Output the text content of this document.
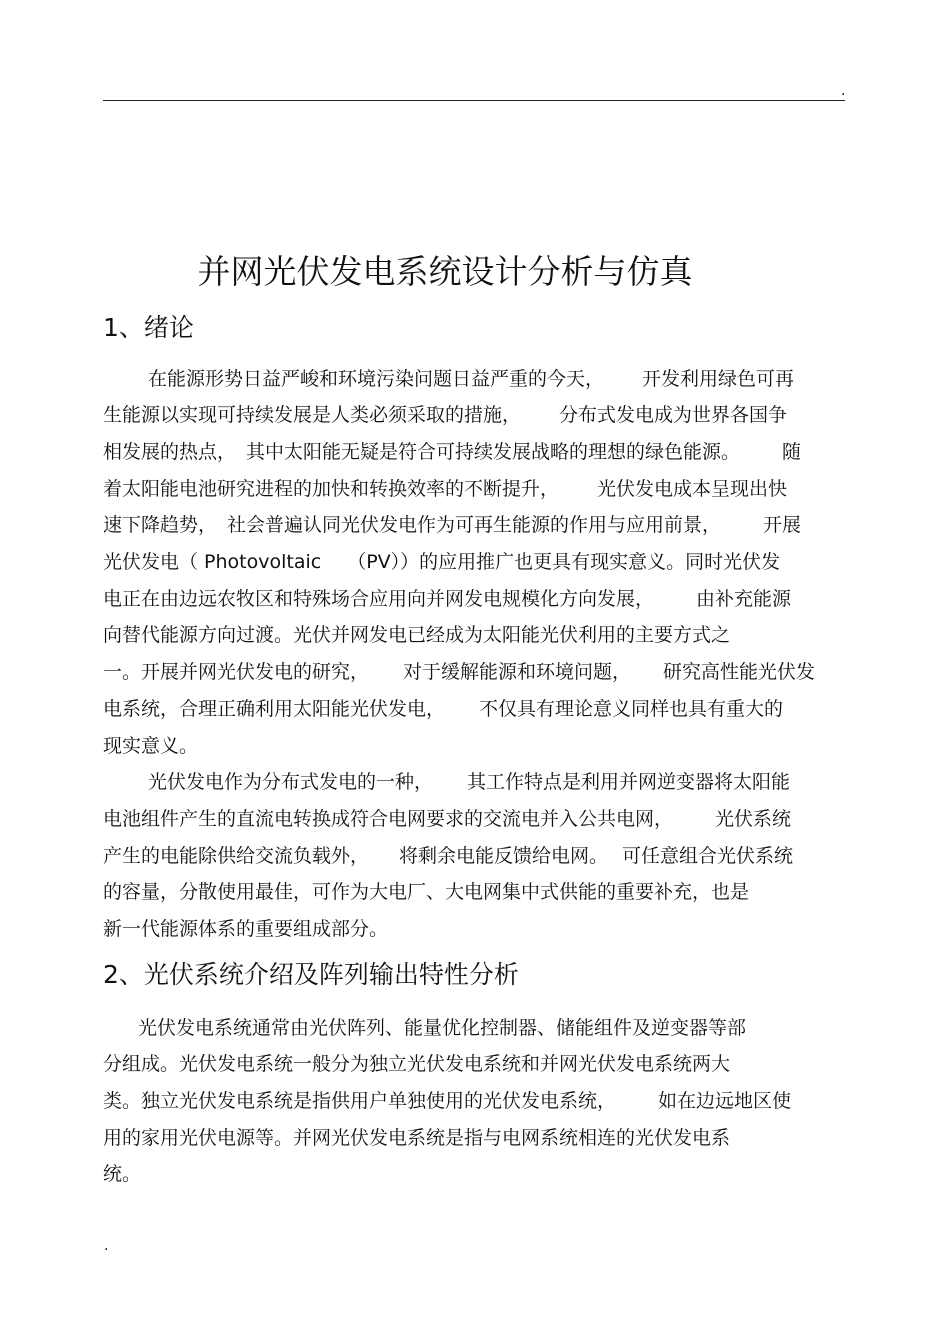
.
并网光伏发电系统设计分析与仿真
1、绪论
在能源形势日益严峻和环境污染问题日益严重的今天， 开发利用绿色可再
生能源以实现可持续发展是人类必须采取的措施， 分布式发电成为世界各国争
相发展的热点， 其中太阳能无疑是符合可持续发展战略的理想的绿色能源。 随
着太阳能电池研究进程的加快和转换效率的不断提升， 光伏发电成本呈现出快
速下降趋势， 社会普遍认同光伏发电作为可再生能源的作用与应用前景， 开展
光伏发电（ Photovoltaic （PV））的应用推广也更具有现实意义。同时光伏发
电正在由边远农牧区和特殊场合应用向并网发电规模化方向发展， 由补充能源
向替代能源方向过渡。光伏并网发电已经成为太阳能光伏利用的主要方式之
一。开展并网光伏发电的研究， 对于缓解能源和环境问题， 研究高性能光伏发
电系统，合理正确利用太阳能光伏发电， 不仅具有理论意义同样也具有重大的
现实意义。
光伏发电作为分布式发电的一种， 其工作特点是利用并网逆变器将太阳能
电池组件产生的直流电转换成符合电网要求的交流电并入公共电网， 光伏系统
产生的电能除供给交流负载外， 将剩余电能反馈给电网。 可任意组合光伏系统
的容量，分散使用最佳，可作为大电厂、大电网集中式供能的重要补充，也是
新一代能源体系的重要组成部分。
2、光伏系统介绍及阵列输出特性分析
光伏发电系统通常由光伏阵列、能量优化控制器、储能组件及逆变器等部
分组成。光伏发电系统一般分为独立光伏发电系统和并网光伏发电系统两大
类。独立光伏发电系统是指供用户单独使用的光伏发电系统， 如在边远地区使
用的家用光伏电源等。并网光伏发电系统是指与电网系统相连的光伏发电系
统。
.
